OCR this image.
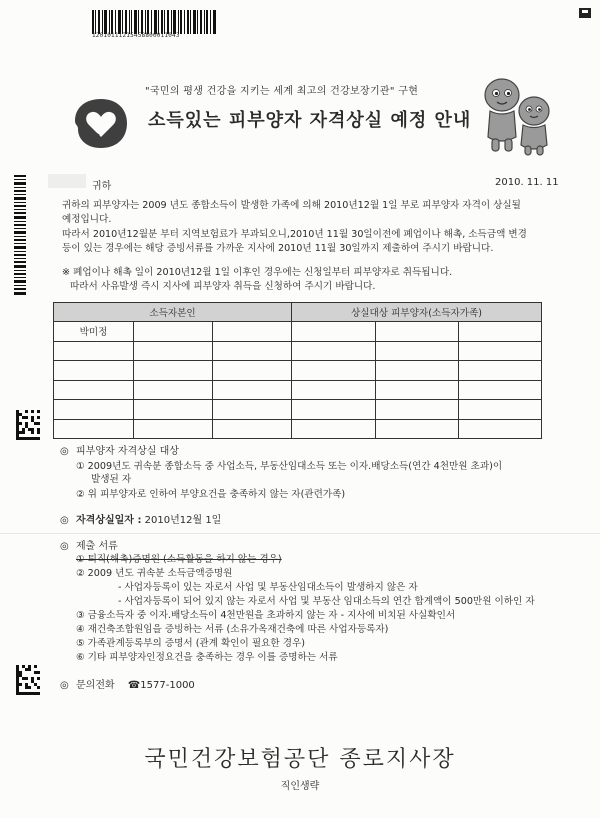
12010111215458800011043
"국민의 평생 건강을 지키는 세계 최고의 건강보장기관" 구현
소득있는 피부양자 자격상실 예정 안내
귀하	2010. 11. 11
귀하의 피부양자는 2009 년도 종합소득이 발생한 가족에 의해 2010년12월 1일 부로 피부양자 자격이 상실될
예정입니다.
따라서 2010년12월분 부터 지역보험료가 부과되오니,2010년 11월 30일이전에 폐업이나 해촉, 소득금액 변경
등이 있는 경우에는 해당 증빙서류를 가까운 지사에 2010년 11월 30일까지 제출하여 주시기 바랍니다.
※ 폐업이나 해촉 일이 2010년12월 1일 이후인 경우에는 신청일부터 피부양자로 취득됩니다.
따라서 사유발생 즉시 지사에 피부양자 취득을 신청하여 주시기 바랍니다.
소득자본인			상실대상 피부양자(소득자가족)		
박미정					

◎ 피부양자 자격상실 대상
① 2009년도 귀속분 종합소득 중 사업소득, 부동산임대소득 또는 이자.배당소득(연간 4천만원 초과)이
발생된 자
② 위 피부양자로 인하여 부양요건을 충족하지 않는 자(관련가족)
◎ 자격상실일자 : 2010년12월 1일
◎ 제출 서류
① 퇴직(해촉)증명원 (소득활동을 하지 않는 경우)
② 2009 년도 귀속분 소득금액증명원
- 사업자등록이 있는 자로서 사업 및 부동산임대소득이 발생하지 않은 자
- 사업자등록이 되어 있지 않는 자로서 사업 및 부동산 임대소득의 연간 합계액이 500만원 이하인 자
③ 금융소득자 중 이자.배당소득이 4천만원을 초과하지 않는 자 - 지사에 비치된 사실확인서
④ 재건축조합원임을 증빙하는 서류 (소유가옥재건축에 따른 사업자등록자)
⑤ 가족관계등록부의 증명서 (관계 확인이 필요한 경우)
⑥ 기타 피부양자인정요건을 충족하는 경우 이를 증명하는 서류
◎ 문의전화 ☎1577-1000
국민건강보험공단 종로지사장
직인생략
